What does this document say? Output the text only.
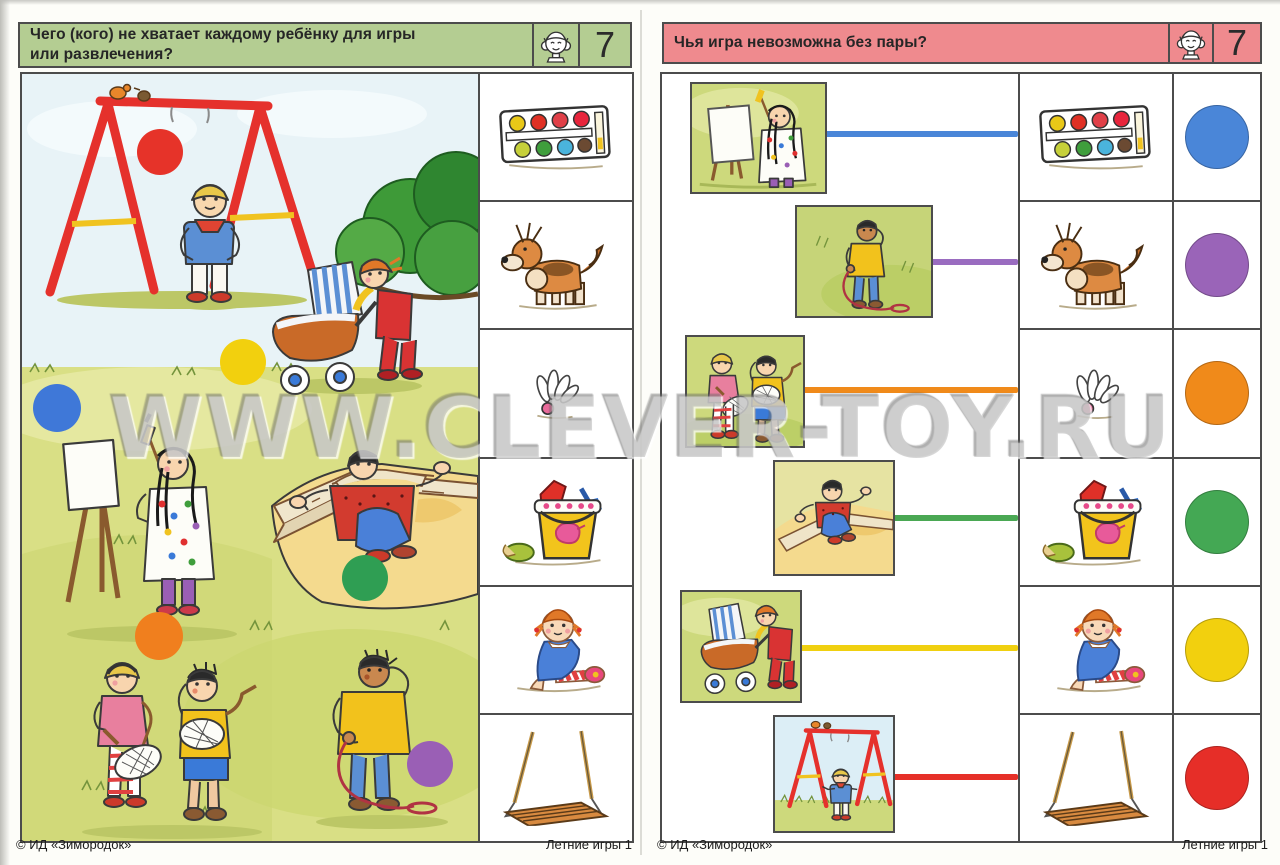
Чего (кого) не хватает каждому ребёнку для игры
или развлечения?	7
© ИД «Зимородок»	Летние игры 1
Чья игра невозможна без пары?	7
© ИД «Зимородок»	Летние игры 1
WWW.CLEVER-TOY.RU
